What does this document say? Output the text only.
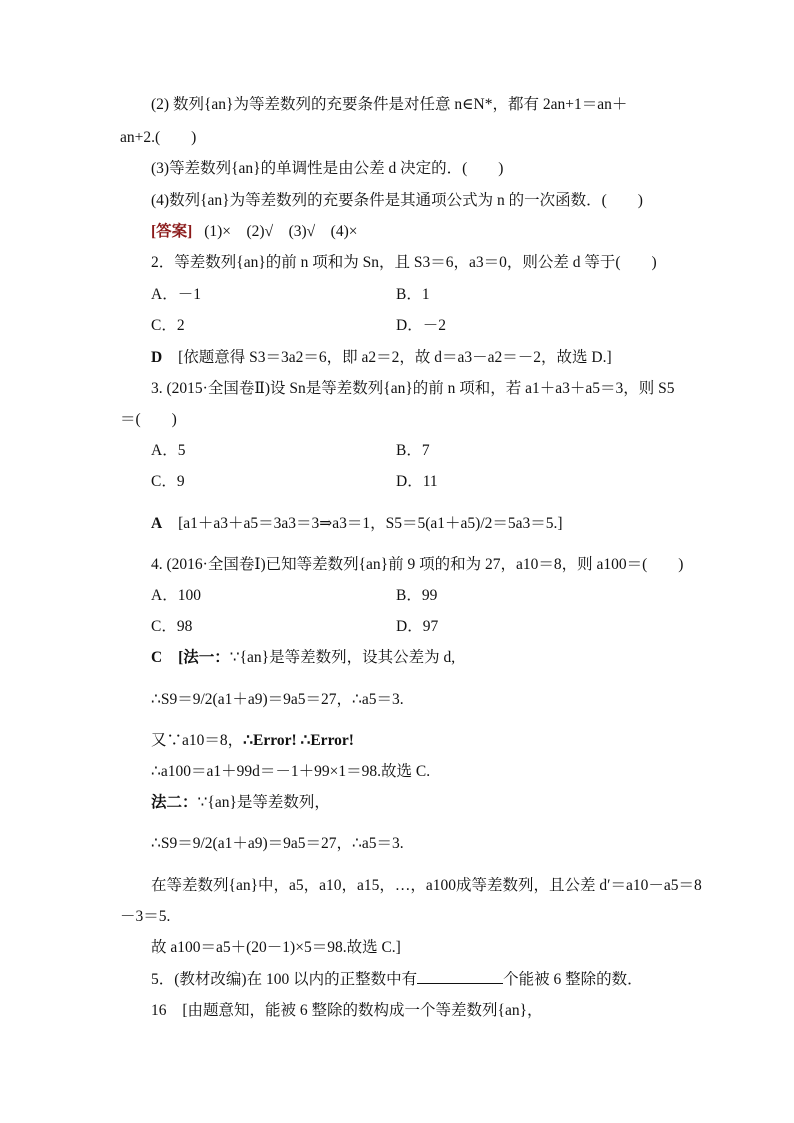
(2) 数列{an}为等差数列的充要条件是对任意 n∈N*，都有 2an+1＝an＋
an+2.(　　)
(3)等差数列{an}的单调性是由公差 d 决定的．(　　)
(4)数列{an}为等差数列的充要条件是其通项公式为 n 的一次函数．(　　)
[答案] (1)×　(2)√　(3)√　(4)×
2．等差数列{an}的前 n 项和为 Sn，且 S3＝6，a3＝0，则公差 d 等于(　　)
A．－1	B．1
C．2	D．－2
D [依题意得 S3＝3a2＝6，即 a2＝2，故 d＝a3－a2＝－2，故选 D.]
3. (2015·全国卷Ⅱ)设 Sn是等差数列{an}的前 n 项和，若 a1＋a3＋a5＝3，则 S5
＝(　　)
A．5	B．7
C．9	D．11
A [a1＋a3＋a5＝3a3＝3⇒a3＝1，S5＝5(a1＋a5)/2＝5a3＝5.]
4. (2016·全国卷Ⅰ)已知等差数列{an}前 9 项的和为 27，a10＝8，则 a100＝(　　)
A．100	B．99
C．98	D．97
C [法一：∵{an}是等差数列，设其公差为 d,
∴S9＝9/2(a1＋a9)＝9a5＝27，∴a5＝3.
又∵a10＝8，∴Error! ∴Error!
∴a100＝a1＋99d＝－1＋99×1＝98.故选 C.
法二：∵{an}是等差数列，
∴S9＝9/2(a1＋a9)＝9a5＝27，∴a5＝3.
在等差数列{an}中，a5，a10，a15，…，a100成等差数列，且公差 d′＝a10－a5＝8
－3＝5.
故 a100＝a5＋(20－1)×5＝98.故选 C.]
5．(教材改编)在 100 以内的正整数中有	个能被 6 整除的数．
16 [由题意知，能被 6 整除的数构成一个等差数列{an}，
